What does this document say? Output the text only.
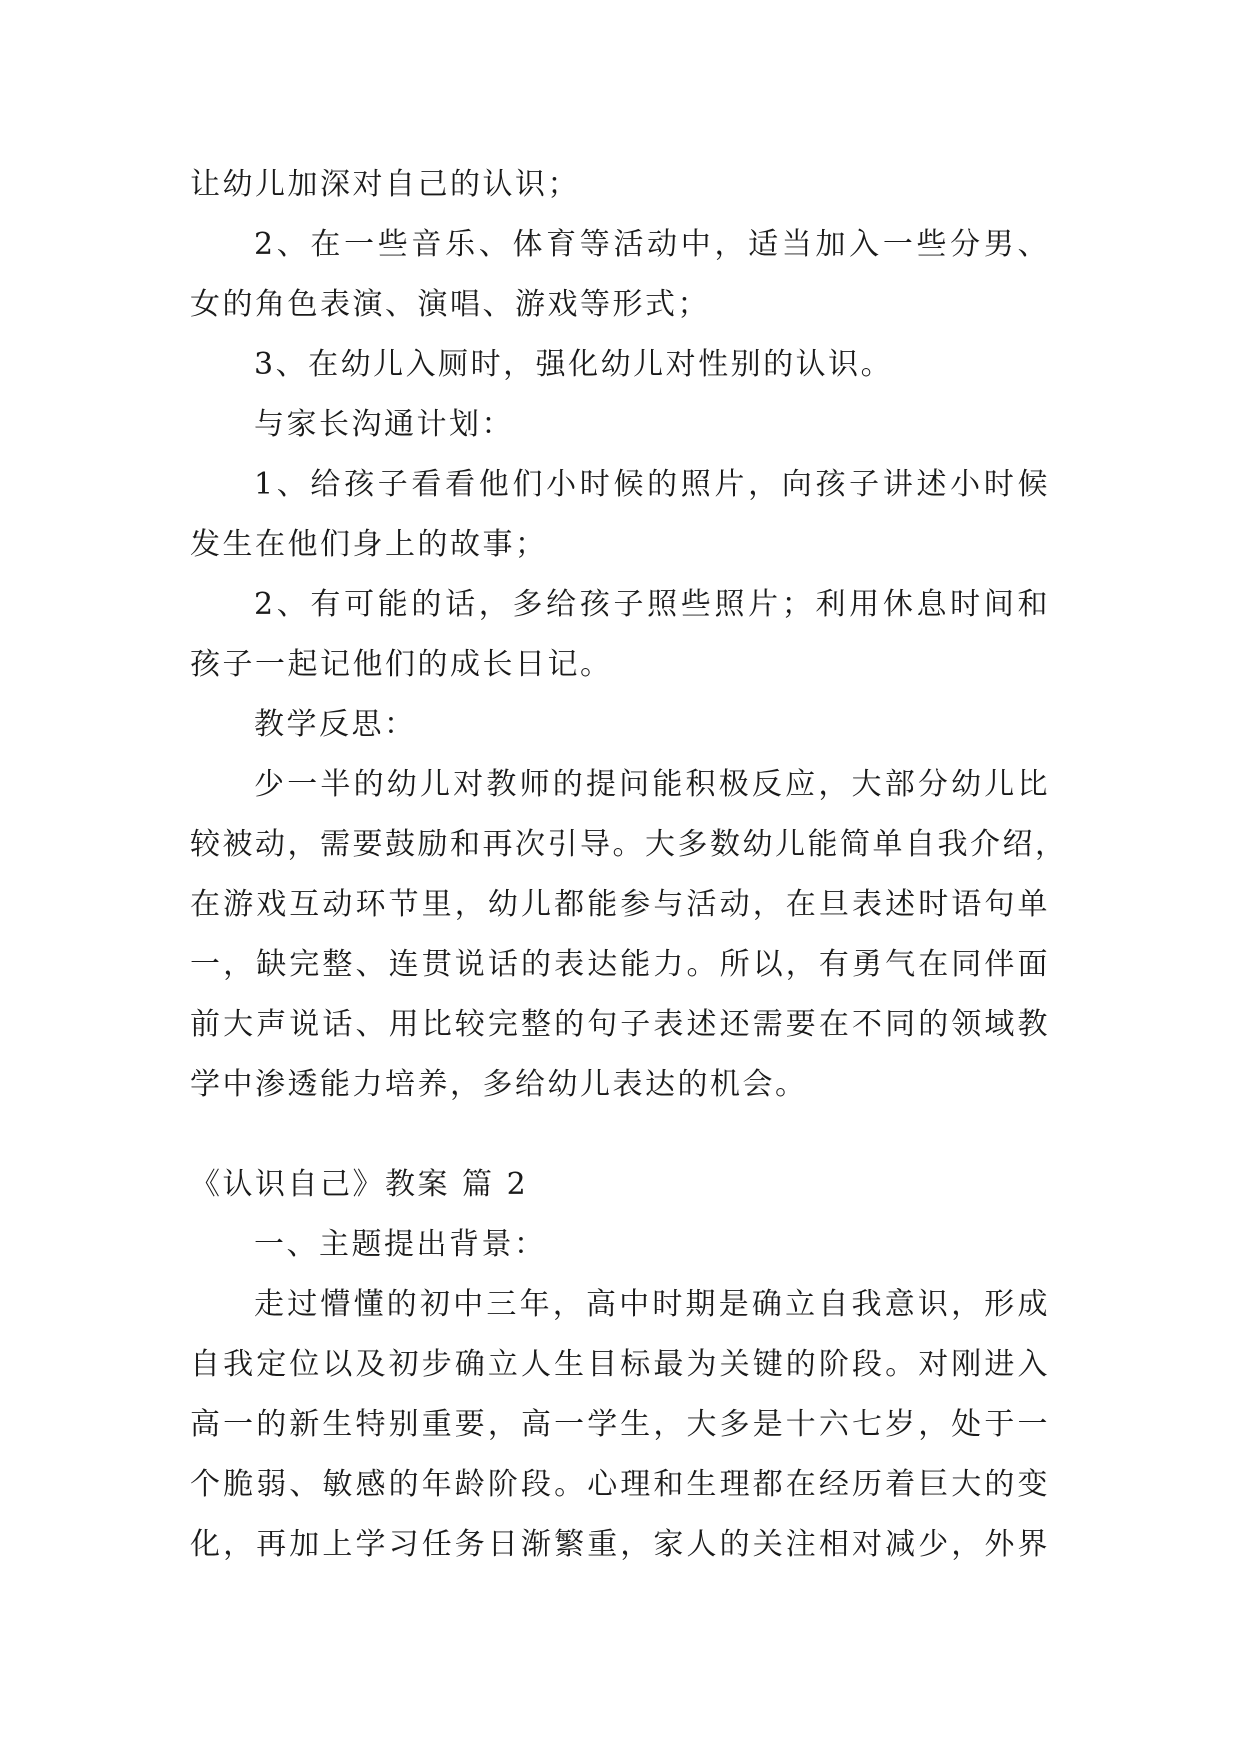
让幼儿加深对自己的认识；
2、在一些音乐、体育等活动中，适当加入一些分男、
女的角色表演、演唱、游戏等形式；
3、在幼儿入厕时，强化幼儿对性别的认识。
与家长沟通计划：
1、给孩子看看他们小时候的照片，向孩子讲述小时候
发生在他们身上的故事；
2、有可能的话，多给孩子照些照片；利用休息时间和
孩子一起记他们的成长日记。
教学反思：
少一半的幼儿对教师的提问能积极反应，大部分幼儿比
较被动，需要鼓励和再次引导。大多数幼儿能简单自我介绍，
在游戏互动环节里，幼儿都能参与活动，在旦表述时语句单
一，缺完整、连贯说话的表达能力。所以，有勇气在同伴面
前大声说话、用比较完整的句子表述还需要在不同的领域教
学中渗透能力培养，多给幼儿表达的机会。
《认识自己》教案 篇 2
一、主题提出背景：
走过懵懂的初中三年，高中时期是确立自我意识，形成
自我定位以及初步确立人生目标最为关键的阶段。对刚进入
高一的新生特别重要，高一学生，大多是十六七岁，处于一
个脆弱、敏感的年龄阶段。心理和生理都在经历着巨大的变
化，再加上学习任务日渐繁重，家人的关注相对减少，外界
